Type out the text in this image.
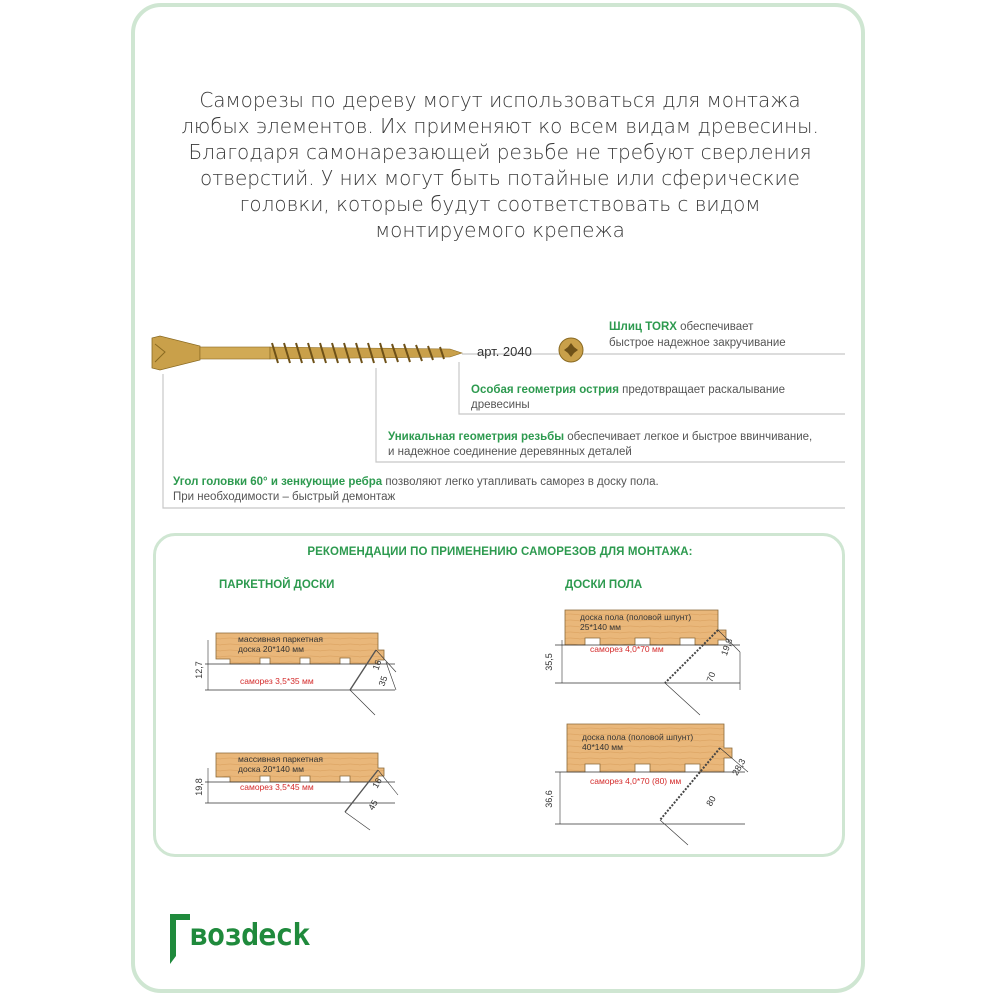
Саморезы по дереву могут использоваться для монтажа
любых элементов. Их применяют ко всем видам древесины.
Благодаря самонарезающей резьбе не требуют сверления
отверстий. У них могут быть потайные или сферические
головки, которые будут соответствовать с видом
монтируемого крепежа
арт. 2040
Шлиц TORX обеспечивает
быстрое надежное закручивание
Особая геометрия острия предотвращает раскалывание
древесины
Уникальная геометрия резьбы обеспечивает легкое и быстрое ввинчивание,
и надежное соединение деревянных деталей
Угол головки 60° и зенкующие ребра позволяют легко утапливать саморез в доску пола.
При необходимости – быстрый демонтаж
РЕКОМЕНДАЦИИ ПО ПРИМЕНЕНИЮ САМОРЕЗОВ ДЛЯ МОНТАЖА:
ПАРКЕТНОЙ ДОСКИ	ДОСКИ ПОЛА
массивная паркетная
доска 20*140 мм
саморез 3,5*35 мм
12,7	16
35
массивная паркетная
доска 20*140 мм
саморез 3,5*45 мм
19,8	16
45
доска пола (половой шпунт)
25*140 мм
саморез 4,0*70 мм
35,5
19,8
70
доска пола (половой шпунт)
40*140 мм
саморез 4,0*70 (80) мм
36,6
28,3
80
возdeck
